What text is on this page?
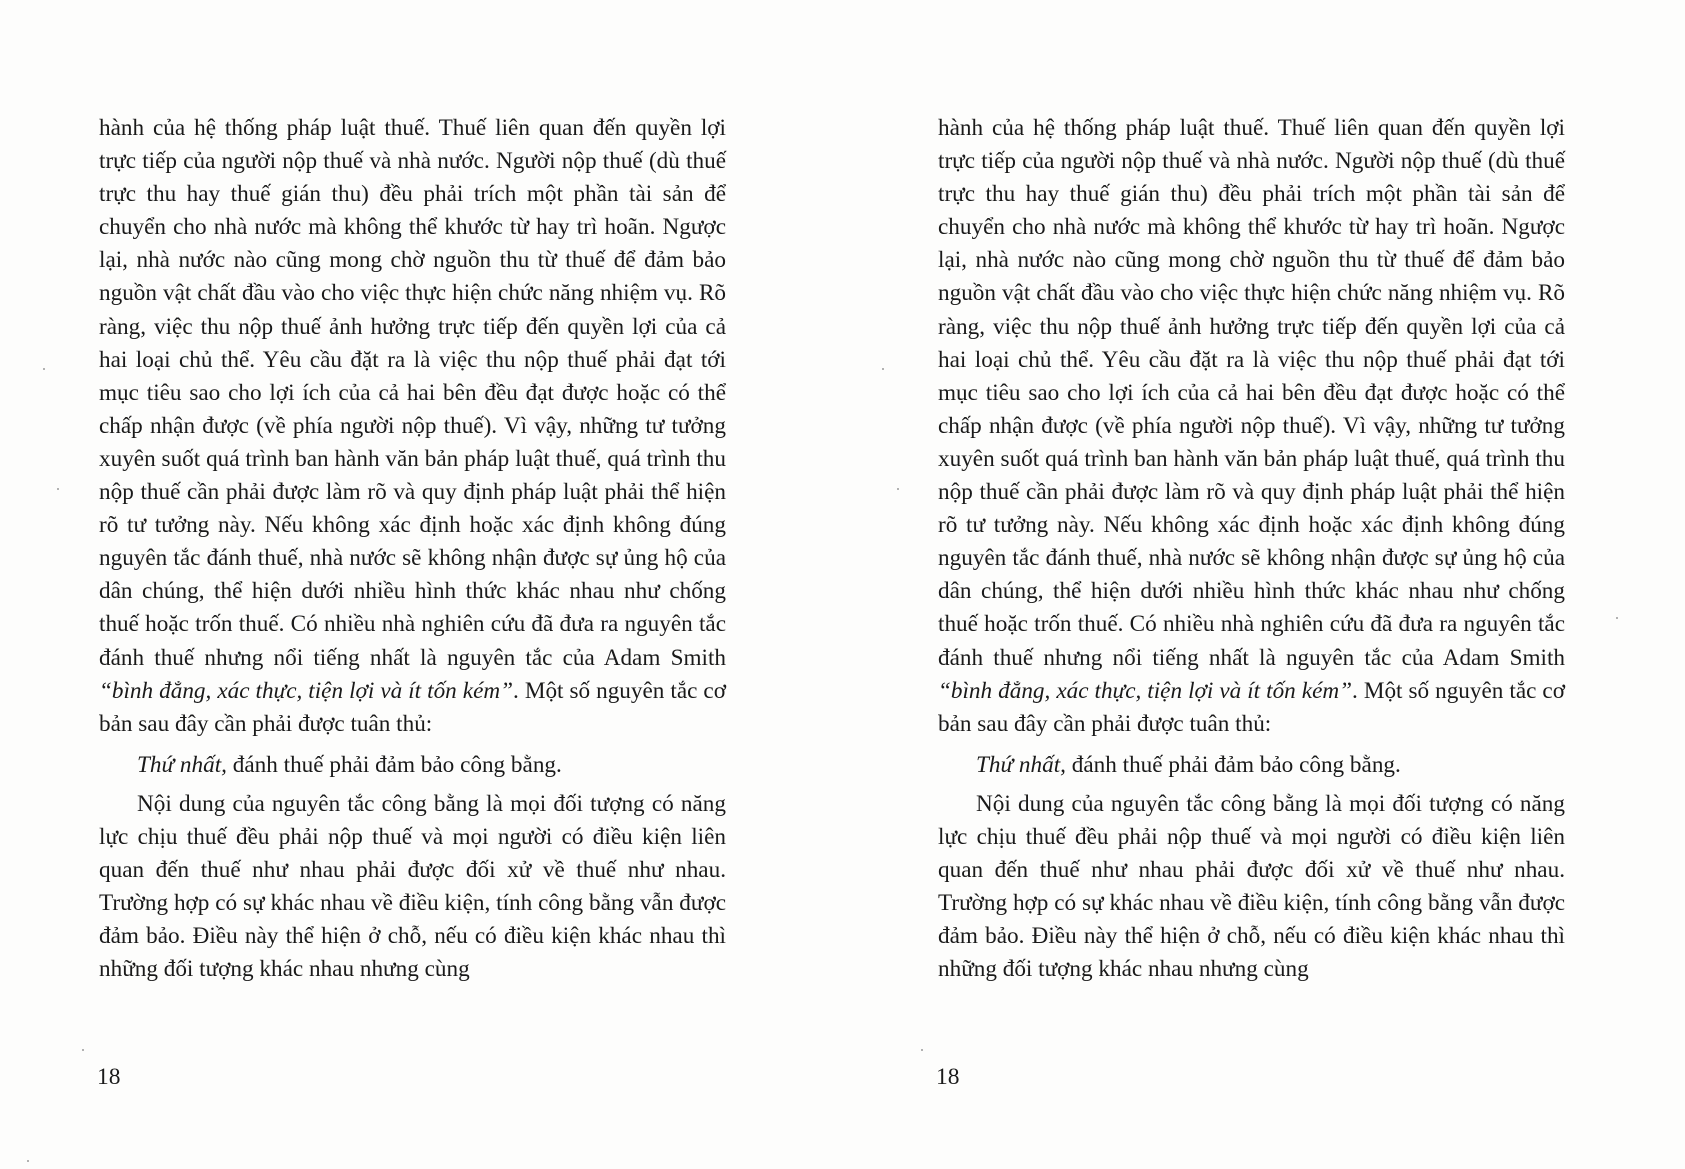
hành của hệ thống pháp luật thuế. Thuế liên quan đến quyền lợi trực tiếp của người nộp thuế và nhà nước. Người nộp thuế (dù thuế trực thu hay thuế gián thu) đều phải trích một phần tài sản để chuyển cho nhà nước mà không thể khước từ hay trì hoãn. Ngược lại, nhà nước nào cũng mong chờ nguồn thu từ thuế để đảm bảo nguồn vật chất đầu vào cho việc thực hiện chức năng nhiệm vụ. Rõ ràng, việc thu nộp thuế ảnh hưởng trực tiếp đến quyền lợi của cả hai loại chủ thể. Yêu cầu đặt ra là việc thu nộp thuế phải đạt tới mục tiêu sao cho lợi ích của cả hai bên đều đạt được hoặc có thể chấp nhận được (về phía người nộp thuế). Vì vậy, những tư tưởng xuyên suốt quá trình ban hành văn bản pháp luật thuế, quá trình thu nộp thuế cần phải được làm rõ và quy định pháp luật phải thể hiện rõ tư tưởng này. Nếu không xác định hoặc xác định không đúng nguyên tắc đánh thuế, nhà nước sẽ không nhận được sự ủng hộ của dân chúng, thể hiện dưới nhiều hình thức khác nhau như chống thuế hoặc trốn thuế. Có nhiều nhà nghiên cứu đã đưa ra nguyên tắc đánh thuế nhưng nổi tiếng nhất là nguyên tắc của Adam Smith “bình đẳng, xác thực, tiện lợi và ít tốn kém”. Một số nguyên tắc cơ bản sau đây cần phải được tuân thủ:

Thứ nhất, đánh thuế phải đảm bảo công bằng.

Nội dung của nguyên tắc công bằng là mọi đối tượng có năng lực chịu thuế đều phải nộp thuế và mọi người có điều kiện liên quan đến thuế như nhau phải được đối xử về thuế như nhau. Trường hợp có sự khác nhau về điều kiện, tính công bằng vẫn được đảm bảo. Điều này thể hiện ở chỗ, nếu có điều kiện khác nhau thì những đối tượng khác nhau nhưng cùng

18

hành của hệ thống pháp luật thuế. Thuế liên quan đến quyền lợi trực tiếp của người nộp thuế và nhà nước. Người nộp thuế (dù thuế trực thu hay thuế gián thu) đều phải trích một phần tài sản để chuyển cho nhà nước mà không thể khước từ hay trì hoãn. Ngược lại, nhà nước nào cũng mong chờ nguồn thu từ thuế để đảm bảo nguồn vật chất đầu vào cho việc thực hiện chức năng nhiệm vụ. Rõ ràng, việc thu nộp thuế ảnh hưởng trực tiếp đến quyền lợi của cả hai loại chủ thể. Yêu cầu đặt ra là việc thu nộp thuế phải đạt tới mục tiêu sao cho lợi ích của cả hai bên đều đạt được hoặc có thể chấp nhận được (về phía người nộp thuế). Vì vậy, những tư tưởng xuyên suốt quá trình ban hành văn bản pháp luật thuế, quá trình thu nộp thuế cần phải được làm rõ và quy định pháp luật phải thể hiện rõ tư tưởng này. Nếu không xác định hoặc xác định không đúng nguyên tắc đánh thuế, nhà nước sẽ không nhận được sự ủng hộ của dân chúng, thể hiện dưới nhiều hình thức khác nhau như chống thuế hoặc trốn thuế. Có nhiều nhà nghiên cứu đã đưa ra nguyên tắc đánh thuế nhưng nổi tiếng nhất là nguyên tắc của Adam Smith “bình đẳng, xác thực, tiện lợi và ít tốn kém”. Một số nguyên tắc cơ bản sau đây cần phải được tuân thủ:

Thứ nhất, đánh thuế phải đảm bảo công bằng.

Nội dung của nguyên tắc công bằng là mọi đối tượng có năng lực chịu thuế đều phải nộp thuế và mọi người có điều kiện liên quan đến thuế như nhau phải được đối xử về thuế như nhau. Trường hợp có sự khác nhau về điều kiện, tính công bằng vẫn được đảm bảo. Điều này thể hiện ở chỗ, nếu có điều kiện khác nhau thì những đối tượng khác nhau nhưng cùng

18
